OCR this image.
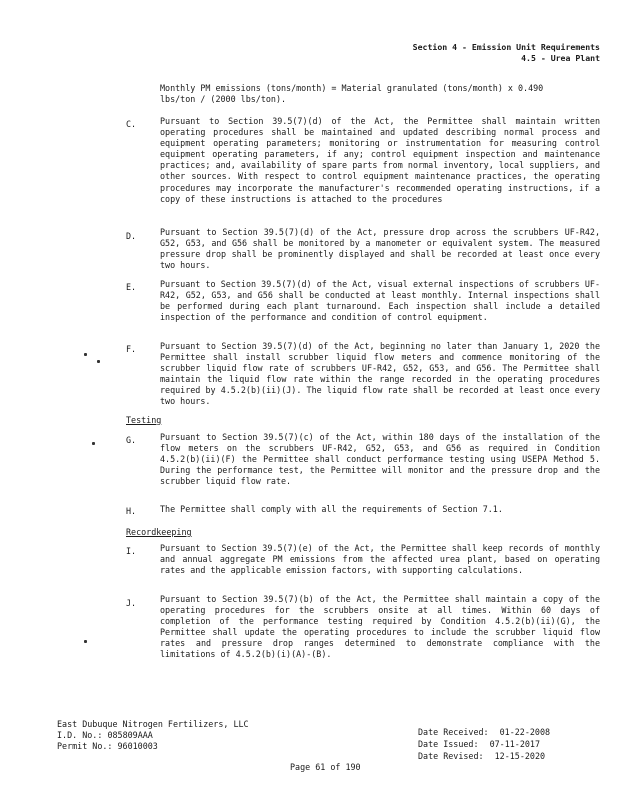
Section 4 - Emission Unit Requirements
4.5 - Urea Plant
Monthly PM emissions (tons/month) = Material granulated (tons/month) x 0.490
lbs/ton / (2000 lbs/ton).
C.	Pursuant to Section 39.5(7)(d) of the Act, the Permittee shall maintain written operating procedures shall be maintained and updated describing normal process and equipment operating parameters; monitoring or instrumentation for measuring control equipment operating parameters, if any; control equipment inspection and maintenance practices; and, availability of spare parts from normal inventory, local suppliers, and other sources. With respect to control equipment maintenance practices, the operating procedures may incorporate the manufacturer's recommended operating instructions, if a copy of these instructions is attached to the procedures
D.	Pursuant to Section 39.5(7)(d) of the Act, pressure drop across the scrubbers UF-R42, G52, G53, and G56 shall be monitored by a manometer or equivalent system. The measured pressure drop shall be prominently displayed and shall be recorded at least once every two hours.
E.	Pursuant to Section 39.5(7)(d) of the Act, visual external inspections of scrubbers UF-R42, G52, G53, and G56 shall be conducted at least monthly. Internal inspections shall be performed during each plant turnaround. Each inspection shall include a detailed inspection of the performance and condition of control equipment.
F.	Pursuant to Section 39.5(7)(d) of the Act, beginning no later than January 1, 2020 the Permittee shall install scrubber liquid flow meters and commence monitoring of the scrubber liquid flow rate of scrubbers UF-R42, G52, G53, and G56. The Permittee shall maintain the liquid flow rate within the range recorded in the operating procedures required by 4.5.2(b)(ii)(J). The liquid flow rate shall be recorded at least once every two hours.
Testing
G.	Pursuant to Section 39.5(7)(c) of the Act, within 180 days of the installation of the flow meters on the scrubbers UF-R42, G52, G53, and G56 as required in Condition 4.5.2(b)(ii)(F) the Permittee shall conduct performance testing using USEPA Method 5. During the performance test, the Permittee will monitor and the pressure drop and the scrubber liquid flow rate.
H.	The Permittee shall comply with all the requirements of Section 7.1.
Recordkeeping
I.	Pursuant to Section 39.5(7)(e) of the Act, the Permittee shall keep records of monthly and annual aggregate PM emissions from the affected urea plant, based on operating rates and the applicable emission factors, with supporting calculations.
J.	Pursuant to Section 39.5(7)(b) of the Act, the Permittee shall maintain a copy of the operating procedures for the scrubbers onsite at all times. Within 60 days of completion of the performance testing required by Condition 4.5.2(b)(ii)(G), the Permittee shall update the operating procedures to include the scrubber liquid flow rates and pressure drop ranges determined to demonstrate compliance with the limitations of 4.5.2(b)(i)(A)-(B).
East Dubuque Nitrogen Fertilizers, LLC
I.D. No.: 085809AAA
Permit No.: 96010003
Date Received: 01-22-2008
Date Issued: 07-11-2017
Date Revised: 12-15-2020
Page 61 of 190
